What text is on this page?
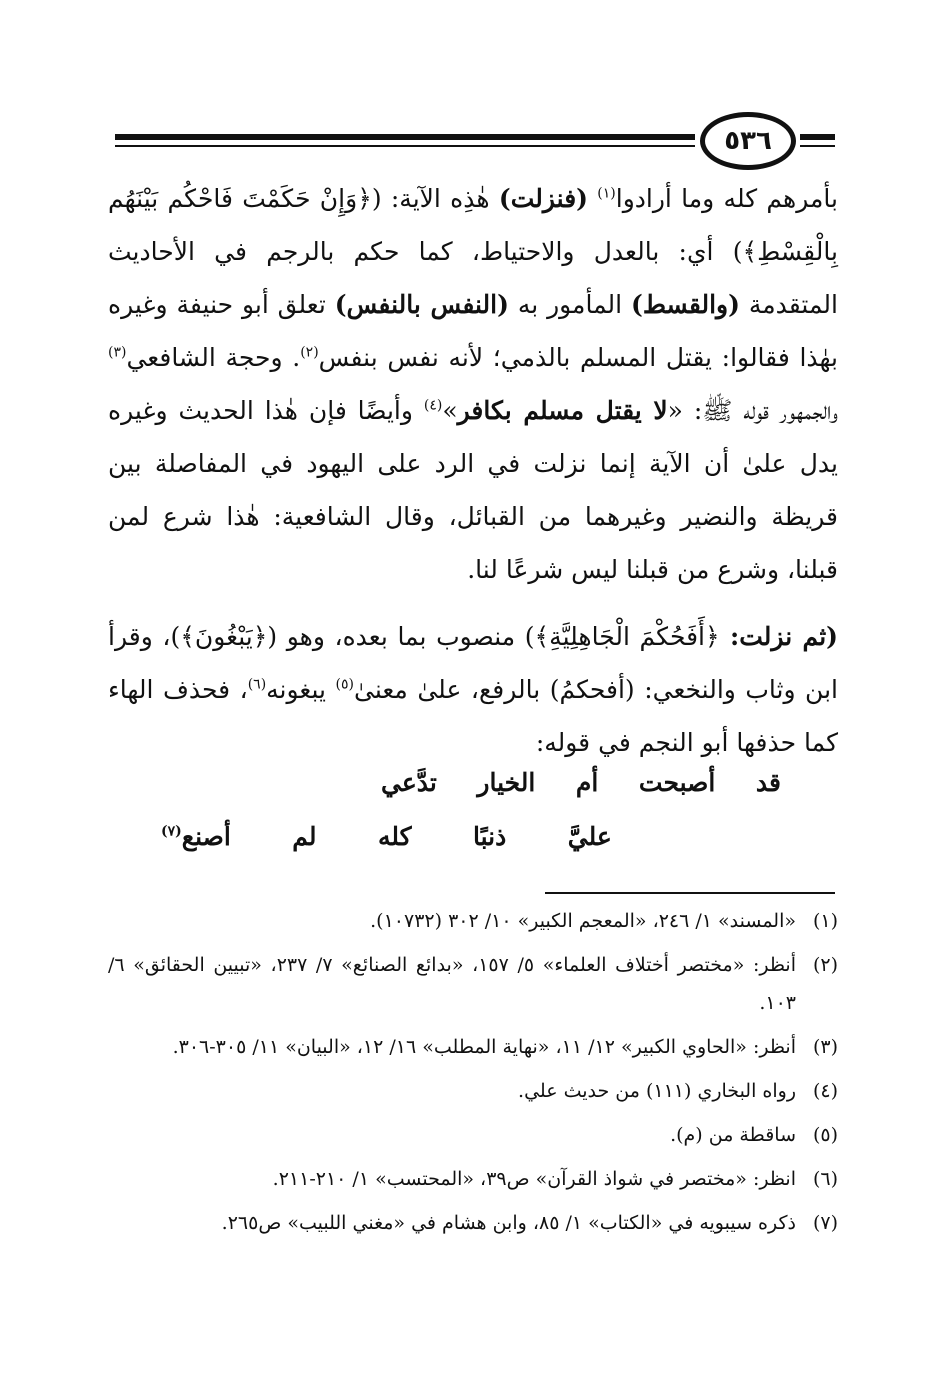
٥٣٦

بأمرهم كله وما أرادوا$^{(١)}$ (فنزلت) هٰذِه الآية: (﴿وَإِنْ حَكَمْتَ فَاحْكُم بَيْنَهُم بِالْقِسْطِ﴾) أي: بالعدل والاحتياط، كما حكم بالرجم في الأحاديث المتقدمة (والقسط) المأمور به (النفس بالنفس) تعلق أبو حنيفة وغيره بهٰذا فقالوا: يقتل المسلم بالذمي؛ لأنه نفس بنفس$^{(٢)}$. وحجة الشافعي$^{(٣)}$ والجمهور قوله ﷺ: «لا يقتل مسلم بكافر»$^{(٤)}$ وأيضًا فإن هٰذا الحديث وغيره يدل علىٰ أن الآية إنما نزلت في الرد على اليهود في المفاصلة بين قريظة والنضير وغيرهما من القبائل، وقال الشافعية: هٰذا شرع لمن قبلنا، وشرع من قبلنا ليس شرعًا لنا.

(ثم نزلت: ﴿أَفَحُكْمَ الْجَاهِلِيَّةِ﴾) منصوب بما بعده، وهو (﴿يَبْغُونَ﴾)، وقرأ ابن وثاب والنخعي: (أفحكمُ) بالرفع، علىٰ معنىٰ$^{(٥)}$ يبغونه$^{(٦)}$، فحذف الهاء كما حذفها أبو النجم في قوله:

قد أصبحت أم الخيار تدَّعي
عليَّ ذنبًا كله لم أصنع$^{(٧)}$
(١)
«المسند» ١/ ٢٤٦، «المعجم الكبير» ١٠/ ٣٠٢ (١٠٧٣٢).
(٢)
أنظر: «مختصر أختلاف العلماء» ٥/ ١٥٧، «بدائع الصنائع» ٧/ ٢٣٧، «تبيين الحقائق» ٦/ ١٠٣.
(٣)
أنظر: «الحاوي الكبير» ١٢/ ١١، «نهاية المطلب» ١٦/ ١٢، «البيان» ١١/ ٣٠٥-٣٠٦.
(٤)
رواه البخاري (١١١) من حديث علي.
(٥)
ساقطة من (م).
(٦)
انظر: «مختصر في شواذ القرآن» ص٣٩، «المحتسب» ١/ ٢١٠-٢١١.
(٧)
ذكره سيبويه في «الكتاب» ١/ ٨٥، وابن هشام في «مغني اللبيب» ص٢٦٥.
